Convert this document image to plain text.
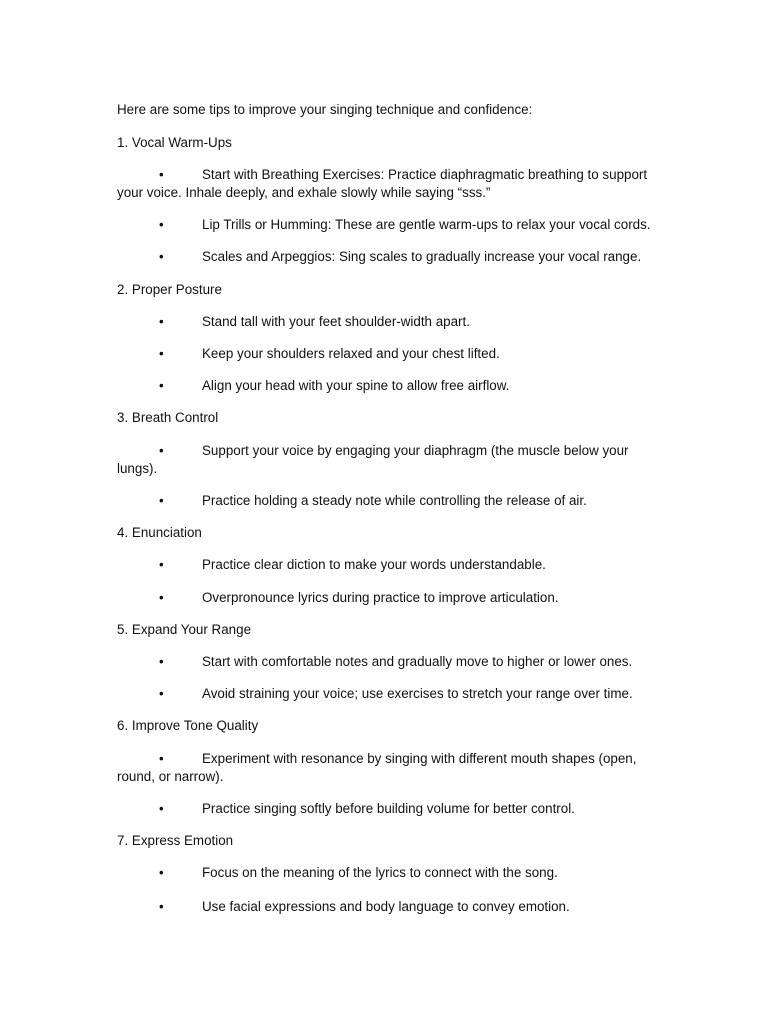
Here are some tips to improve your singing technique and confidence:
1. Vocal Warm-Ups
•	Start with Breathing Exercises: Practice diaphragmatic breathing to support your voice. Inhale deeply, and exhale slowly while saying “sss.”
•	Lip Trills or Humming: These are gentle warm-ups to relax your vocal cords.
•	Scales and Arpeggios: Sing scales to gradually increase your vocal range.
2. Proper Posture
•	Stand tall with your feet shoulder-width apart.
•	Keep your shoulders relaxed and your chest lifted.
•	Align your head with your spine to allow free airflow.
3. Breath Control
•	Support your voice by engaging your diaphragm (the muscle below your lungs).
•	Practice holding a steady note while controlling the release of air.
4. Enunciation
•	Practice clear diction to make your words understandable.
•	Overpronounce lyrics during practice to improve articulation.
5. Expand Your Range
•	Start with comfortable notes and gradually move to higher or lower ones.
•	Avoid straining your voice; use exercises to stretch your range over time.
6. Improve Tone Quality
•	Experiment with resonance by singing with different mouth shapes (open, round, or narrow).
•	Practice singing softly before building volume for better control.
7. Express Emotion
•	Focus on the meaning of the lyrics to connect with the song.
•	Use facial expressions and body language to convey emotion.
